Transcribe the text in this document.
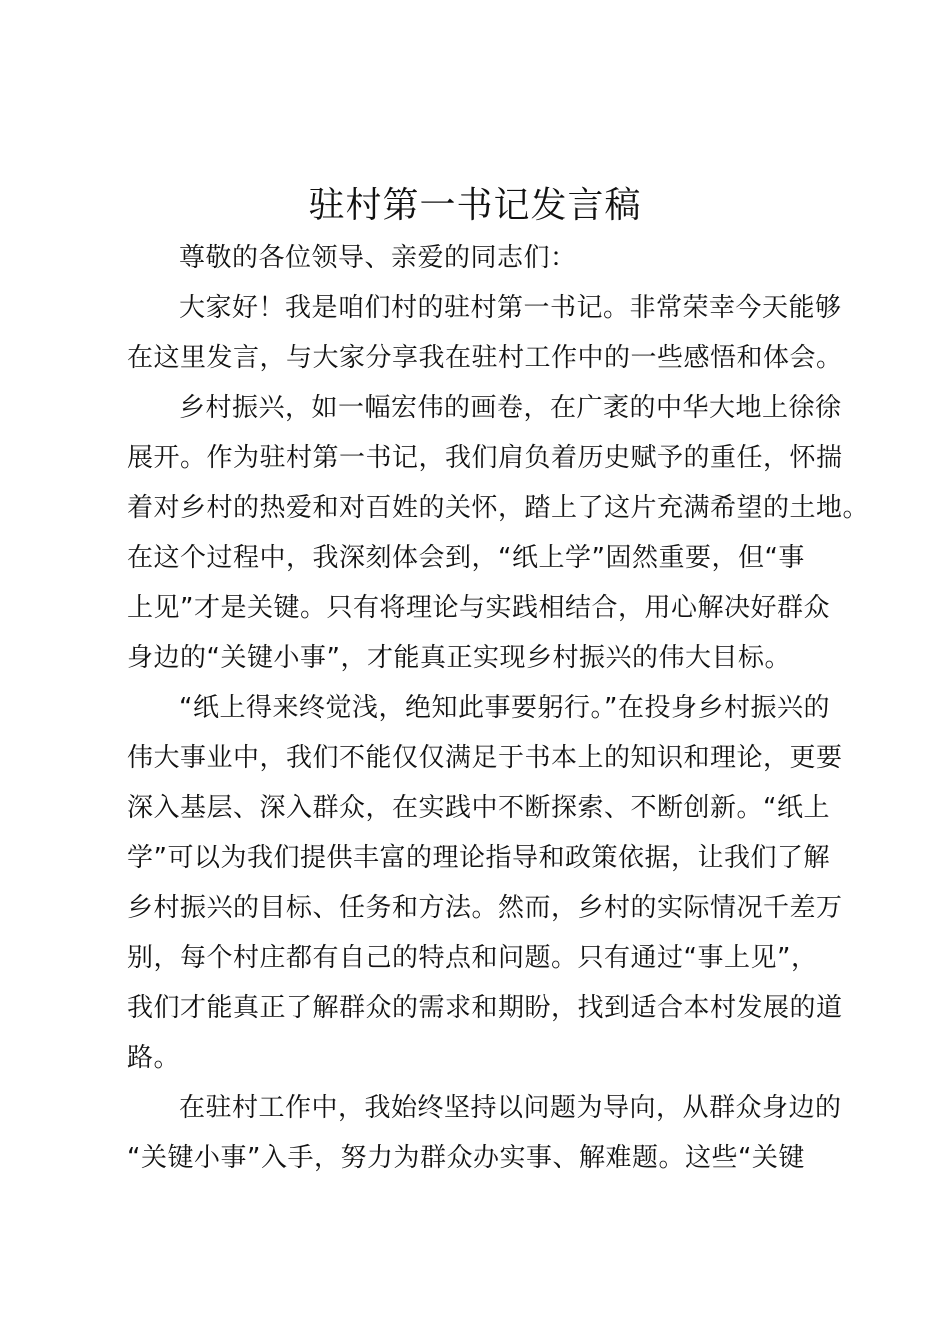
驻村第一书记发言稿

尊敬的各位领导、亲爱的同志们：

大家好！我是咱们村的驻村第一书记。非常荣幸今天能够
在这里发言，与大家分享我在驻村工作中的一些感悟和体会。

乡村振兴，如一幅宏伟的画卷，在广袤的中华大地上徐徐
展开。作为驻村第一书记，我们肩负着历史赋予的重任，怀揣
着对乡村的热爱和对百姓的关怀，踏上了这片充满希望的土地。
在这个过程中，我深刻体会到，“纸上学”固然重要，但“事
上见”才是关键。只有将理论与实践相结合，用心解决好群众
身边的“关键小事”，才能真正实现乡村振兴的伟大目标。

“纸上得来终觉浅，绝知此事要躬行。”在投身乡村振兴的
伟大事业中，我们不能仅仅满足于书本上的知识和理论，更要
深入基层、深入群众，在实践中不断探索、不断创新。“纸上
学”可以为我们提供丰富的理论指导和政策依据，让我们了解
乡村振兴的目标、任务和方法。然而，乡村的实际情况千差万
别，每个村庄都有自己的特点和问题。只有通过“事上见”，
我们才能真正了解群众的需求和期盼，找到适合本村发展的道
路。

在驻村工作中，我始终坚持以问题为导向，从群众身边的
“关键小事”入手，努力为群众办实事、解难题。这些“关键
